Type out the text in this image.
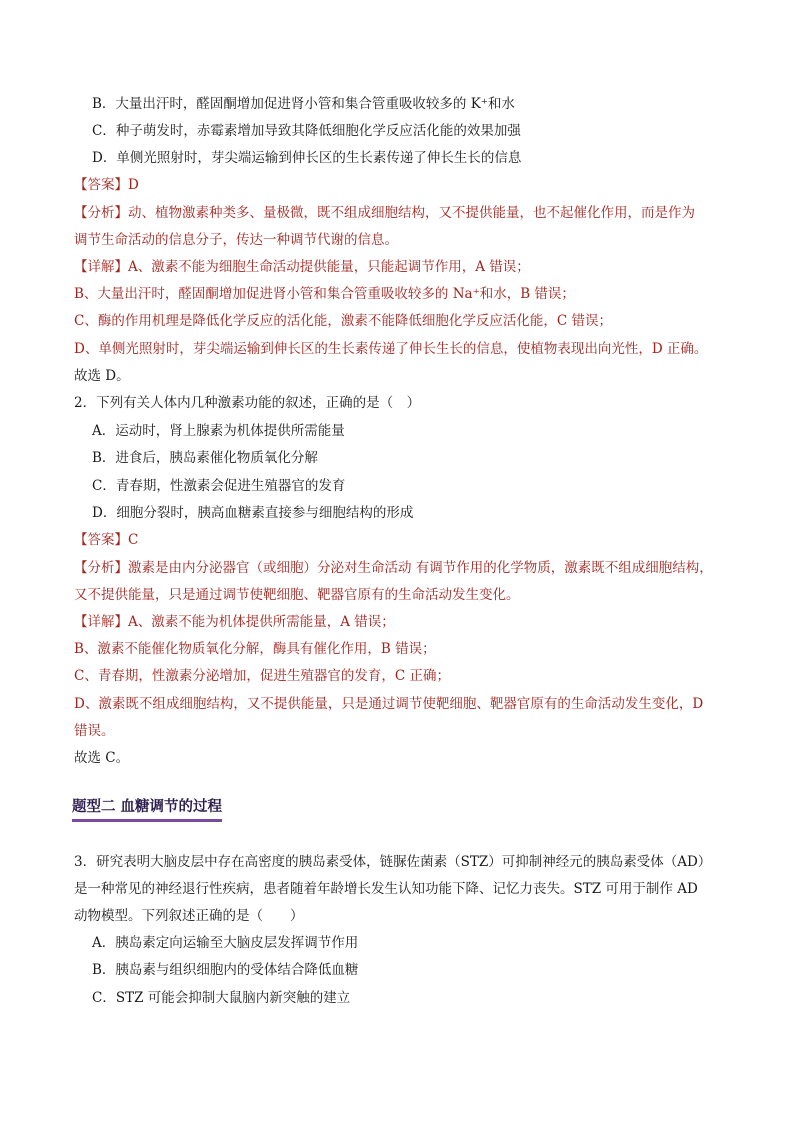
B．大量出汗时，醛固酮增加促进肾小管和集合管重吸收较多的 K⁺和水
C．种子萌发时，赤霉素增加导致其降低细胞化学反应活化能的效果加强
D．单侧光照射时，芽尖端运输到伸长区的生长素传递了伸长生长的信息
【答案】D
【分析】动、植物激素种类多、量极微，既不组成细胞结构，又不提供能量，也不起催化作用，而是作为
调节生命活动的信息分子，传达一种调节代谢的信息。
【详解】A、激素不能为细胞生命活动提供能量，只能起调节作用，A 错误；
B、大量出汗时，醛固酮增加促进肾小管和集合管重吸收较多的 Na⁺和水，B 错误；
C、酶的作用机理是降低化学反应的活化能，激素不能降低细胞化学反应活化能，C 错误；
D、单侧光照射时，芽尖端运输到伸长区的生长素传递了伸长生长的信息，使植物表现出向光性，D 正确。
故选 D。
2．下列有关人体内几种激素功能的叙述，正确的是（　）
A．运动时，肾上腺素为机体提供所需能量
B．进食后，胰岛素催化物质氧化分解
C．青春期，性激素会促进生殖器官的发育
D．细胞分裂时，胰高血糖素直接参与细胞结构的形成
【答案】C
【分析】激素是由内分泌器官（或细胞）分泌对生命活动 有调节作用的化学物质，激素既不组成细胞结构，
又不提供能量，只是通过调节使靶细胞、靶器官原有的生命活动发生变化。
【详解】A、激素不能为机体提供所需能量，A 错误；
B、激素不能催化物质氧化分解，酶具有催化作用，B 错误；
C、青春期，性激素分泌增加，促进生殖器官的发育，C 正确；
D、激素既不组成细胞结构，又不提供能量，只是通过调节使靶细胞、靶器官原有的生命活动发生变化，D
错误。
故选 C。
题型二 血糖调节的过程
3．研究表明大脑皮层中存在高密度的胰岛素受体，链脲佐菌素（STZ）可抑制神经元的胰岛素受体（AD）
是一种常见的神经退行性疾病，患者随着年龄增长发生认知功能下降、记忆力丧失。STZ 可用于制作 AD
动物模型。下列叙述正确的是（　　）
A．胰岛素定向运输至大脑皮层发挥调节作用
B．胰岛素与组织细胞内的受体结合降低血糖
C．STZ 可能会抑制大鼠脑内新突触的建立
